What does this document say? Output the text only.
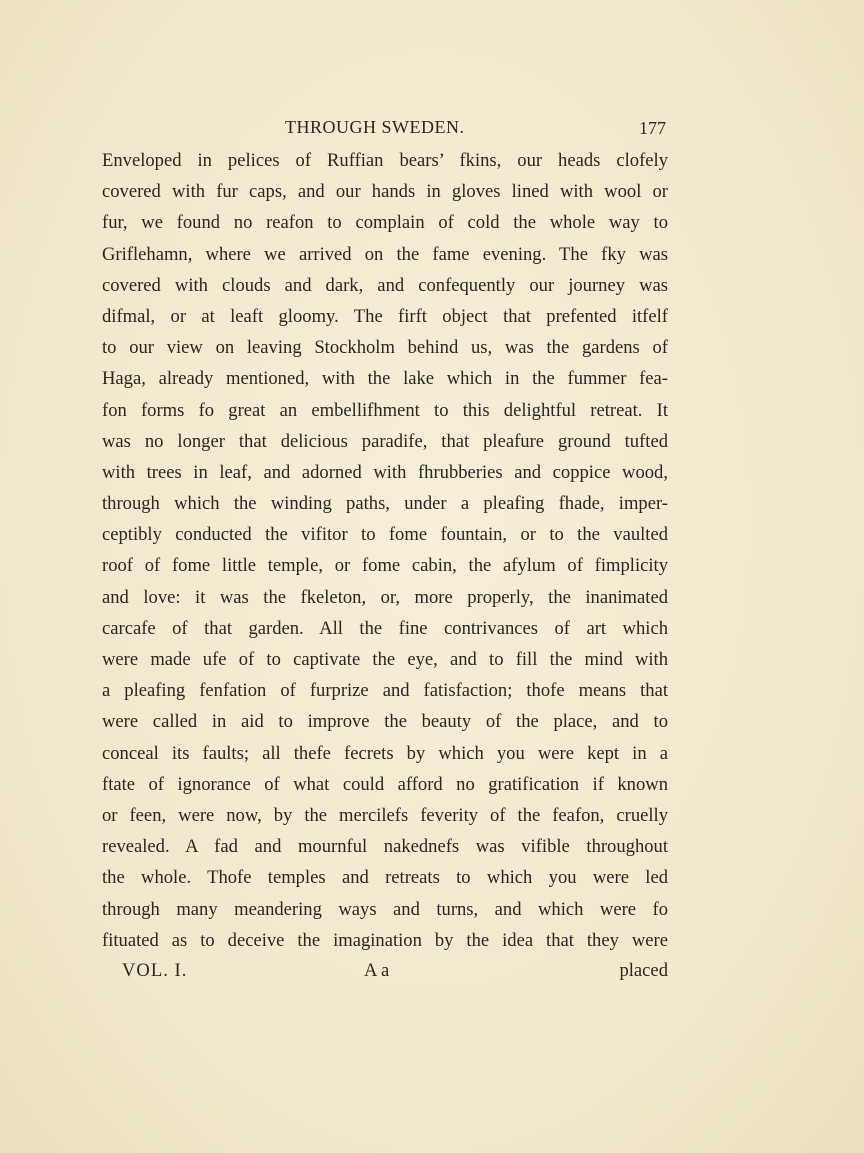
THROUGH SWEDEN.	177
Enveloped in pelices of Ruffian bears’ fkins, our heads clofely
covered with fur caps, and our hands in gloves lined with wool or
fur, we found no reafon to complain of cold the whole way to
Griflehamn, where we arrived on the fame evening. The fky was
covered with clouds and dark, and confequently our journey was
difmal, or at leaft gloomy. The firft object that prefented itfelf
to our view on leaving Stockholm behind us, was the gardens of
Haga, already mentioned, with the lake which in the fummer fea-
fon forms fo great an embellifhment to this delightful retreat. It
was no longer that delicious paradife, that pleafure ground tufted
with trees in leaf, and adorned with fhrubberies and coppice wood,
through which the winding paths, under a pleafing fhade, imper-
ceptibly conducted the vifitor to fome fountain, or to the vaulted
roof of fome little temple, or fome cabin, the afylum of fimplicity
and love: it was the fkeleton, or, more properly, the inanimated
carcafe of that garden. All the fine contrivances of art which
were made ufe of to captivate the eye, and to fill the mind with
a pleafing fenfation of furprize and fatisfaction; thofe means that
were called in aid to improve the beauty of the place, and to
conceal its faults; all thefe fecrets by which you were kept in a
ftate of ignorance of what could afford no gratification if known
or feen, were now, by the mercilefs feverity of the feafon, cruelly
revealed. A fad and mournful nakednefs was vifible throughout
the whole. Thofe temples and retreats to which you were led
through many meandering ways and turns, and which were fo
fituated as to deceive the imagination by the idea that they were
VOL. I.	A a	placed
